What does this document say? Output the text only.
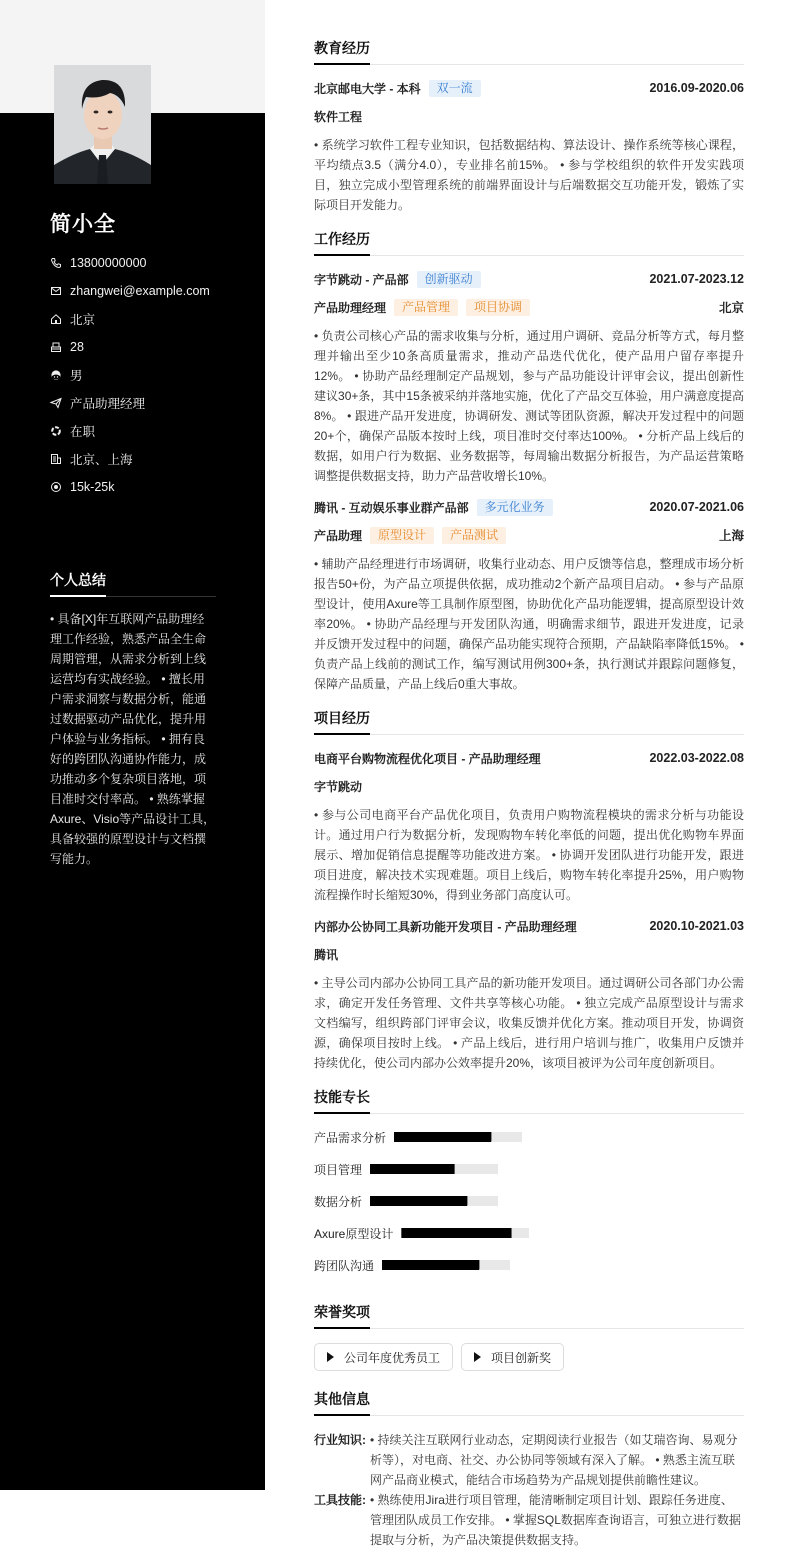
简小全
13800000000
zhangwei@example.com
北京
28
男
产品助理经理
在职
北京、上海
15k-25k
个人总结
• 具备[X]年互联网产品助理经理工作经验，熟悉产品全生命周期管理，从需求分析到上线运营均有实战经验。 • 擅长用户需求洞察与数据分析，能通过数据驱动产品优化，提升用户体验与业务指标。 • 拥有良好的跨团队沟通协作能力，成功推动多个复杂项目落地，项目准时交付率高。 • 熟练掌握Axure、Visio等产品设计工具，具备较强的原型设计与文档撰写能力。
教育经历
北京邮电大学 - 本科	双一流	2016.09-2020.06
软件工程
• 系统学习软件工程专业知识，包括数据结构、算法设计、操作系统等核心课程，平均绩点3.5（满分4.0），专业排名前15%。 • 参与学校组织的软件开发实践项目，独立完成小型管理系统的前端界面设计与后端数据交互功能开发，锻炼了实际项目开发能力。
工作经历
字节跳动 - 产品部	创新驱动	2021.07-2023.12
产品助理经理	产品管理	项目协调	北京
• 负责公司核心产品的需求收集与分析，通过用户调研、竞品分析等方式，每月整理并输出至少10条高质量需求，推动产品迭代优化，使产品用户留存率提升12%。 • 协助产品经理制定产品规划，参与产品功能设计评审会议，提出创新性建议30+条，其中15条被采纳并落地实施，优化了产品交互体验，用户满意度提高8%。 • 跟进产品开发进度，协调研发、测试等团队资源，解决开发过程中的问题20+个，确保产品版本按时上线，项目准时交付率达100%。 • 分析产品上线后的数据，如用户行为数据、业务数据等，每周输出数据分析报告，为产品运营策略调整提供数据支持，助力产品营收增长10%。
腾讯 - 互动娱乐事业群产品部	多元化业务	2020.07-2021.06
产品助理	原型设计	产品测试	上海
• 辅助产品经理进行市场调研，收集行业动态、用户反馈等信息，整理成市场分析报告50+份，为产品立项提供依据，成功推动2个新产品项目启动。 • 参与产品原型设计，使用Axure等工具制作原型图，协助优化产品功能逻辑，提高原型设计效率20%。 • 协助产品经理与开发团队沟通，明确需求细节，跟进开发进度，记录并反馈开发过程中的问题，确保产品功能实现符合预期，产品缺陷率降低15%。 • 负责产品上线前的测试工作，编写测试用例300+条，执行测试并跟踪问题修复，保障产品质量，产品上线后0重大事故。
项目经历
电商平台购物流程优化项目 - 产品助理经理	2022.03-2022.08
字节跳动
• 参与公司电商平台产品优化项目，负责用户购物流程模块的需求分析与功能设计。通过用户行为数据分析，发现购物车转化率低的问题，提出优化购物车界面展示、增加促销信息提醒等功能改进方案。 • 协调开发团队进行功能开发，跟进项目进度，解决技术实现难题。项目上线后，购物车转化率提升25%，用户购物流程操作时长缩短30%，得到业务部门高度认可。
内部办公协同工具新功能开发项目 - 产品助理经理	2020.10-2021.03
腾讯
• 主导公司内部办公协同工具产品的新功能开发项目。通过调研公司各部门办公需求，确定开发任务管理、文件共享等核心功能。 • 独立完成产品原型设计与需求文档编写，组织跨部门评审会议，收集反馈并优化方案。推动项目开发，协调资源，确保项目按时上线。 • 产品上线后，进行用户培训与推广，收集用户反馈并持续优化，使公司内部办公效率提升20%，该项目被评为公司年度创新项目。
技能专长
产品需求分析
项目管理
数据分析
Axure原型设计
跨团队沟通
荣誉奖项
公司年度优秀员工	项目创新奖
其他信息
行业知识: • 持续关注互联网行业动态，定期阅读行业报告（如艾瑞咨询、易观分析等），对电商、社交、办公协同等领域有深入了解。 • 熟悉主流互联网产品商业模式，能结合市场趋势为产品规划提供前瞻性建议。
工具技能: • 熟练使用Jira进行项目管理，能清晰制定项目计划、跟踪任务进度、管理团队成员工作安排。 • 掌握SQL数据库查询语言，可独立进行数据提取与分析，为产品决策提供数据支持。
